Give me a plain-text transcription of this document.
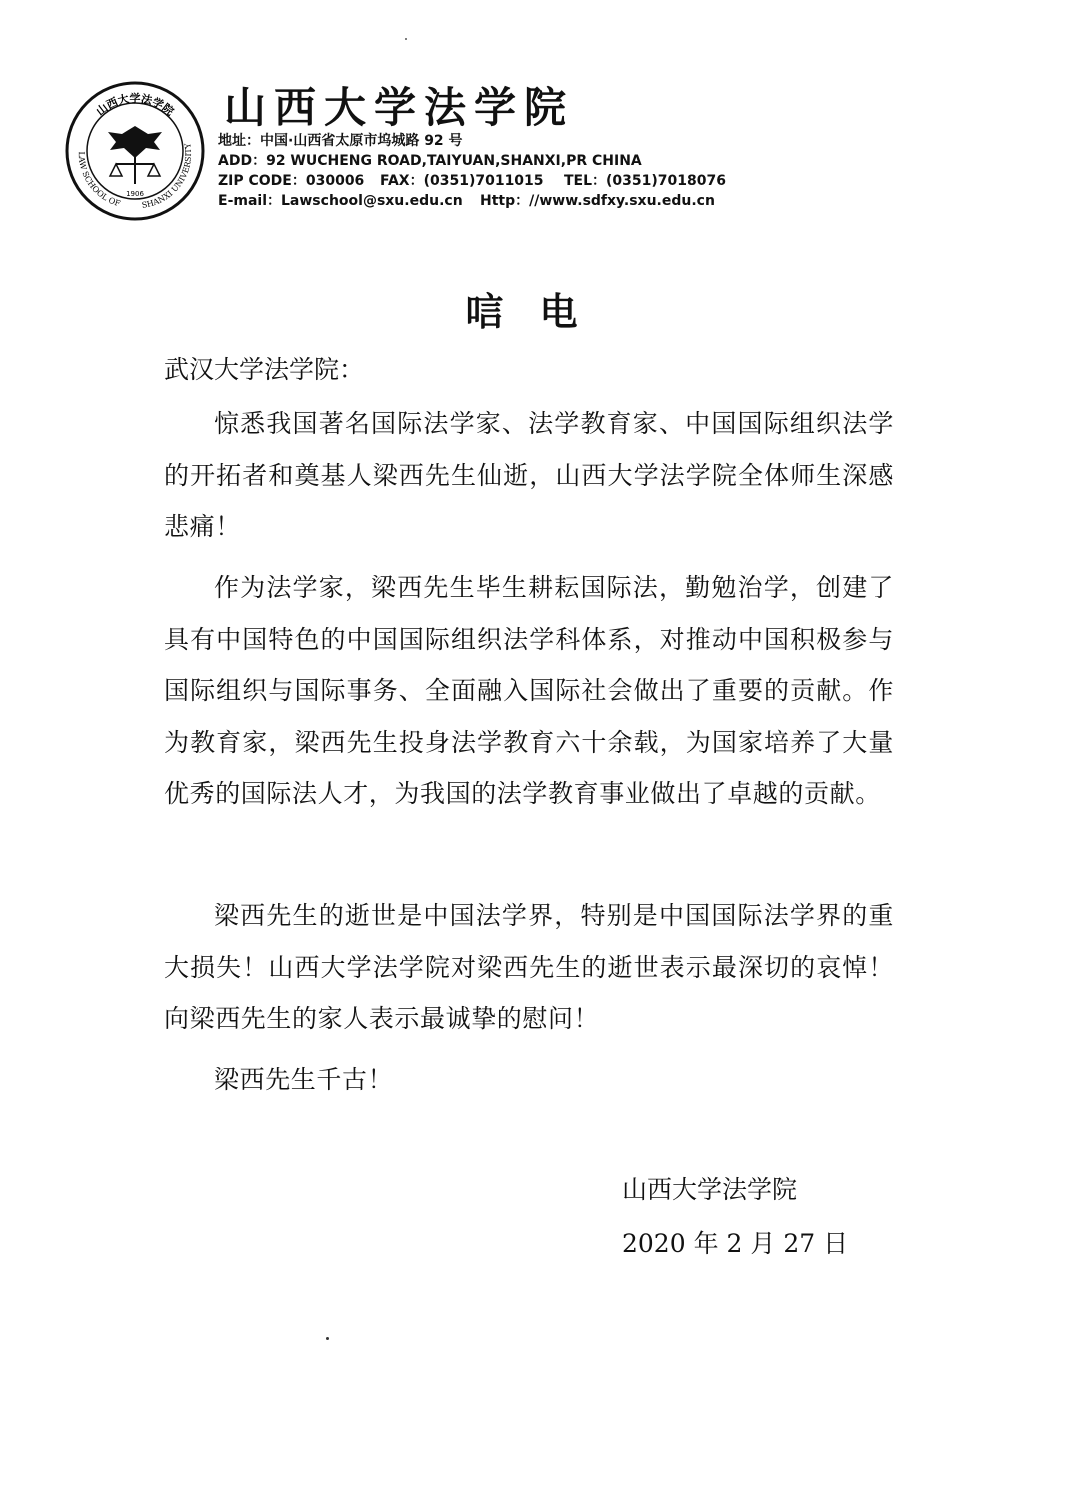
山西大学法学院
LAW SCHOOL OF SHANXI UNIVERSITY
1906
山西大学法学院
地址：中国·山西省太原市坞城路 92 号
ADD：92 WUCHENG ROAD,TAIYUAN,SHANXI,PR CHINA
ZIP CODE：030006 FAX：(0351)7011015 TEL：(0351)7018076
E-mail：Lawschool@sxu.edu.cn Http：//www.sdfxy.sxu.edu.cn
唁电
武汉大学法学院：

惊悉我国著名国际法学家、法学教育家、中国国际组织法学的开拓者和奠基人梁西先生仙逝，山西大学法学院全体师生深感悲痛！

作为法学家，梁西先生毕生耕耘国际法，勤勉治学，创建了具有中国特色的中国国际组织法学科体系，对推动中国积极参与国际组织与国际事务、全面融入国际社会做出了重要的贡献。作为教育家，梁西先生投身法学教育六十余载，为国家培养了大量优秀的国际法人才，为我国的法学教育事业做出了卓越的贡献。

梁西先生的逝世是中国法学界，特别是中国国际法学界的重大损失！山西大学法学院对梁西先生的逝世表示最深切的哀悼！向梁西先生的家人表示最诚挚的慰问！

梁西先生千古！

山西大学法学院
2020 年 2 月 27 日
